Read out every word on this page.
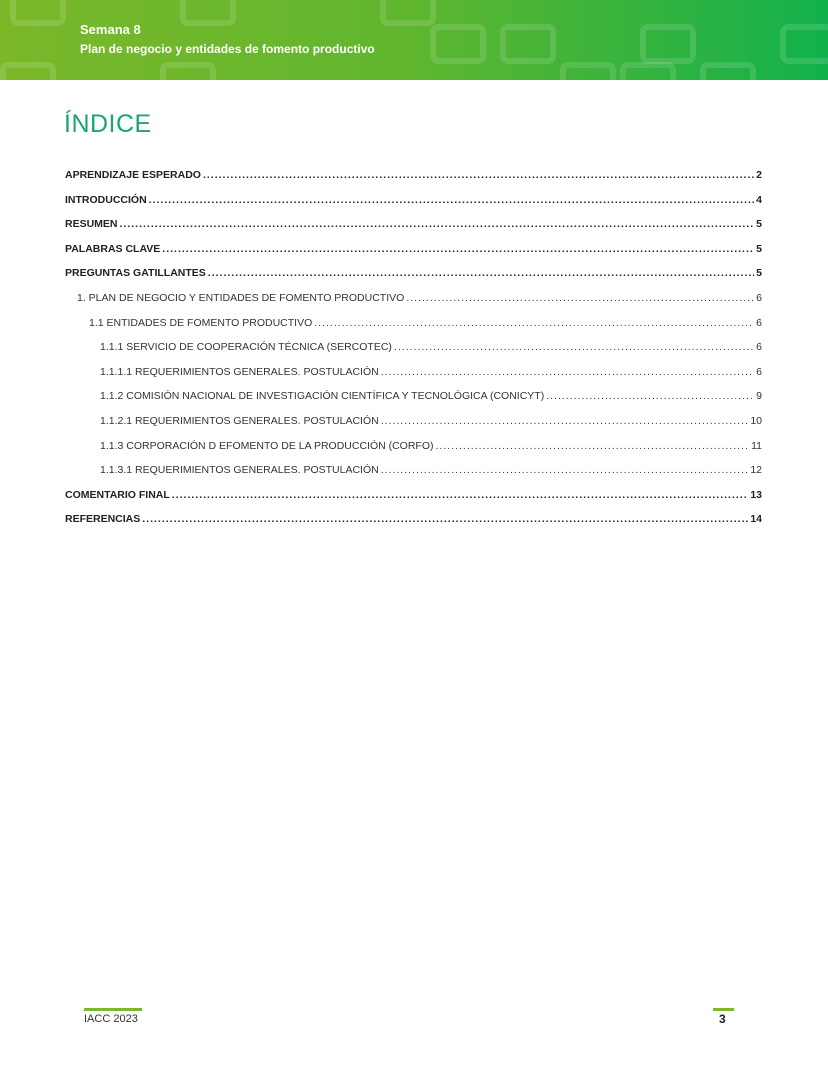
Semana 8
Plan de negocio y entidades de fomento productivo
ÍNDICE
APRENDIZAJE ESPERADO .....	2
INTRODUCCIÓN .....	4
RESUMEN .....	5
PALABRAS CLAVE .....	5
PREGUNTAS GATILLANTES .....	5
1. PLAN DE NEGOCIO Y ENTIDADES DE FOMENTO PRODUCTIVO .....	6
1.1 ENTIDADES DE FOMENTO PRODUCTIVO .....	6
1.1.1 SERVICIO DE COOPERACIÓN TÉCNICA (SERCOTEC) .....	6
1.1.1.1 REQUERIMIENTOS GENERALES. POSTULACIÓN .....	6
1.1.2 COMISIÓN NACIONAL DE INVESTIGACIÓN CIENTÍFICA Y TECNOLÓGICA (CONICYT) .....	9
1.1.2.1 REQUERIMIENTOS GENERALES. POSTULACIÓN .....	10
1.1.3 CORPORACIÓN D EFOMENTO DE LA PRODUCCIÓN (CORFO) .....	11
1.1.3.1 REQUERIMIENTOS GENERALES. POSTULACIÓN .....	12
COMENTARIO FINAL .....	13
REFERENCIAS .....	14
IACC 2023	3
